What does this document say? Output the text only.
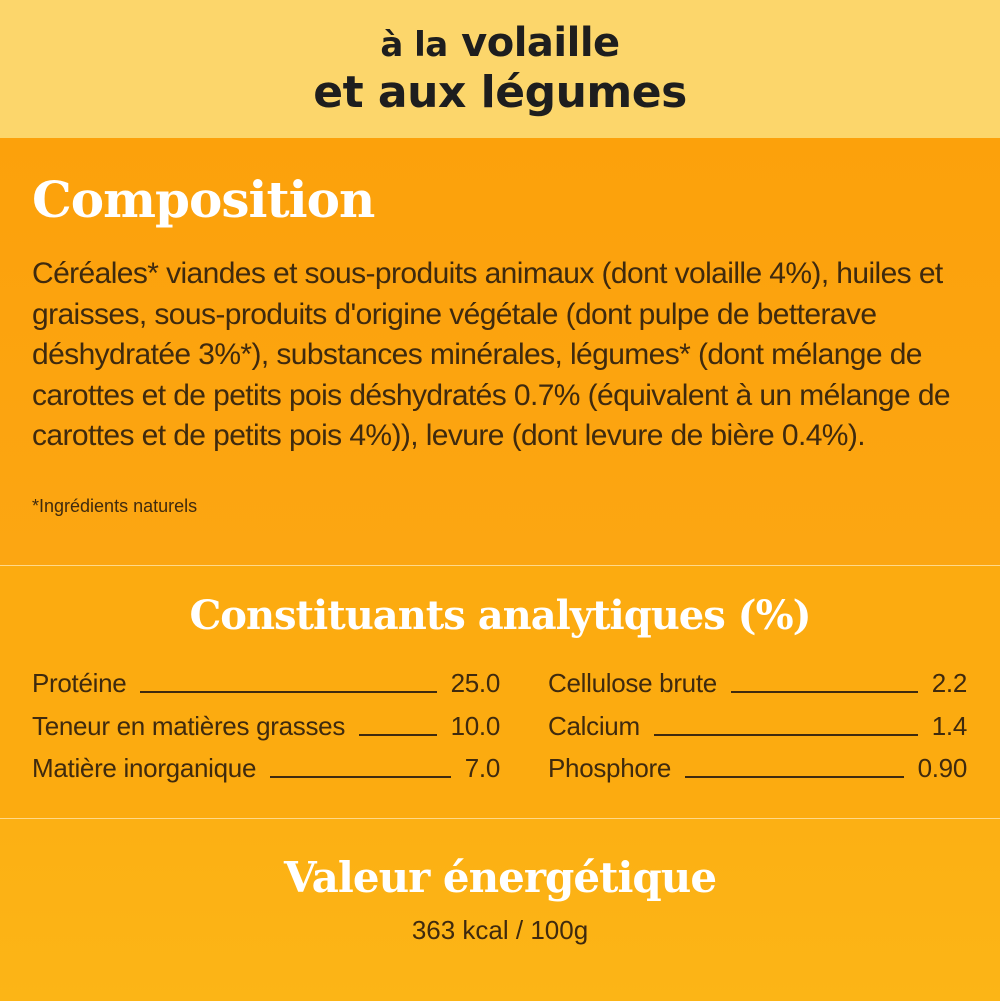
à la volaille
et aux légumes
Composition
Céréales* viandes et sous-produits animaux (dont volaille 4%), huiles et graisses, sous-produits d'origine végétale (dont pulpe de betterave déshydratée 3%*), substances minérales, légumes* (dont mélange de carottes et de petits pois déshydratés 0.7% (équivalent à un mélange de carottes et de petits pois 4%)), levure (dont levure de bière 0.4%).
*Ingrédients naturels
Constituants analytiques (%)
Protéine	25.0
Teneur en matières grasses	10.0
Matière inorganique	7.0
Cellulose brute	2.2
Calcium	1.4
Phosphore	0.90
Valeur énergétique
363 kcal / 100g
